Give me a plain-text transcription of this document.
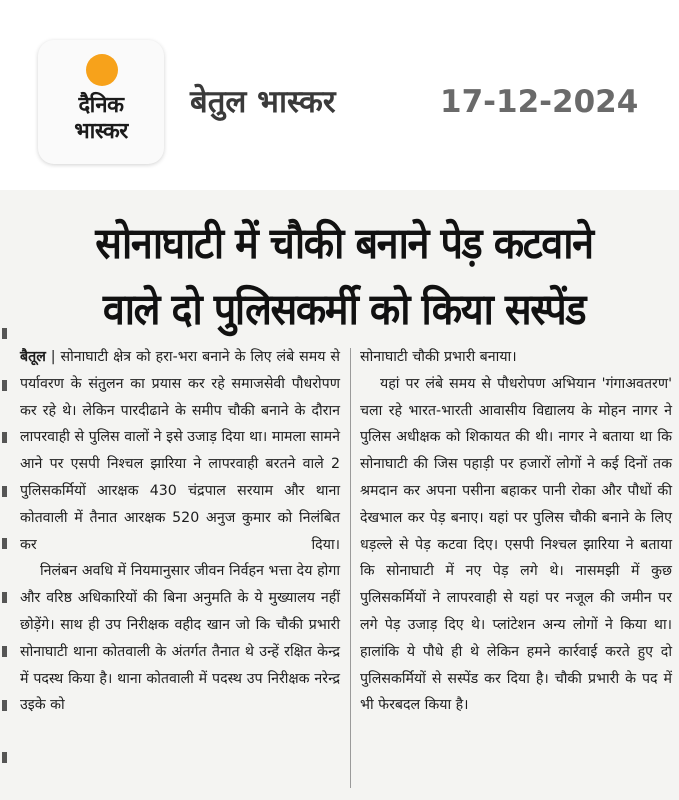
दैनिक
भास्कर
बेतुल भास्कर	17-12-2024
सोनाघाटी में चौकी बनाने पेड़ कटवाने
वाले दो पुलिसकर्मी को किया सस्पेंड

बैतूल | सोनाघाटी क्षेत्र को हरा-भरा बनाने के लिए लंबे समय से पर्यावरण के संतुलन का प्रयास कर रहे समाजसेवी पौधरोपण कर रहे थे। लेकिन पारदीढाने के समीप चौकी बनाने के दौरान लापरवाही से पुलिस वालों ने इसे उजाड़ दिया था। मामला सामने आने पर एसपी निश्चल झारिया ने लापरवाही बरतने वाले 2 पुलिसकर्मियों आरक्षक 430 चंद्रपाल सरयाम और थाना कोतवाली में तैनात आरक्षक 520 अनुज कुमार को निलंबित कर दिया।

निलंबन अवधि में नियमानुसार जीवन निर्वहन भत्ता देय होगा और वरिष्ठ अधिकारियों की बिना अनुमति के ये मुख्यालय नहीं छोड़ेंगे। साथ ही उप निरीक्षक वहीद खान जो कि चौकी प्रभारी सोनाघाटी थाना कोतवाली के अंतर्गत तैनात थे उन्हें रक्षित केन्द्र में पदस्थ किया है। थाना कोतवाली में पदस्थ उप निरीक्षक नरेन्द्र उइके को

सोनाघाटी चौकी प्रभारी बनाया।

यहां पर लंबे समय से पौधरोपण अभियान 'गंगाअवतरण' चला रहे भारत-भारती आवासीय विद्यालय के मोहन नागर ने पुलिस अधीक्षक को शिकायत की थी। नागर ने बताया था कि सोनाघाटी की जिस पहाड़ी पर हजारों लोगों ने कई दिनों तक श्रमदान कर अपना पसीना बहाकर पानी रोका और पौधों की देखभाल कर पेड़ बनाए। यहां पर पुलिस चौकी बनाने के लिए धड़ल्ले से पेड़ कटवा दिए। एसपी निश्चल झारिया ने बताया कि सोनाघाटी में नए पेड़ लगे थे। नासमझी में कुछ पुलिसकर्मियों ने लापरवाही से यहां पर नजूल की जमीन पर लगे पेड़ उजाड़ दिए थे। प्लांटेशन अन्य लोगों ने किया था। हालांकि ये पौधे ही थे लेकिन हमने कार्रवाई करते हुए दो पुलिसकर्मियों से सस्पेंड कर दिया है। चौकी प्रभारी के पद में भी फेरबदल किया है।
